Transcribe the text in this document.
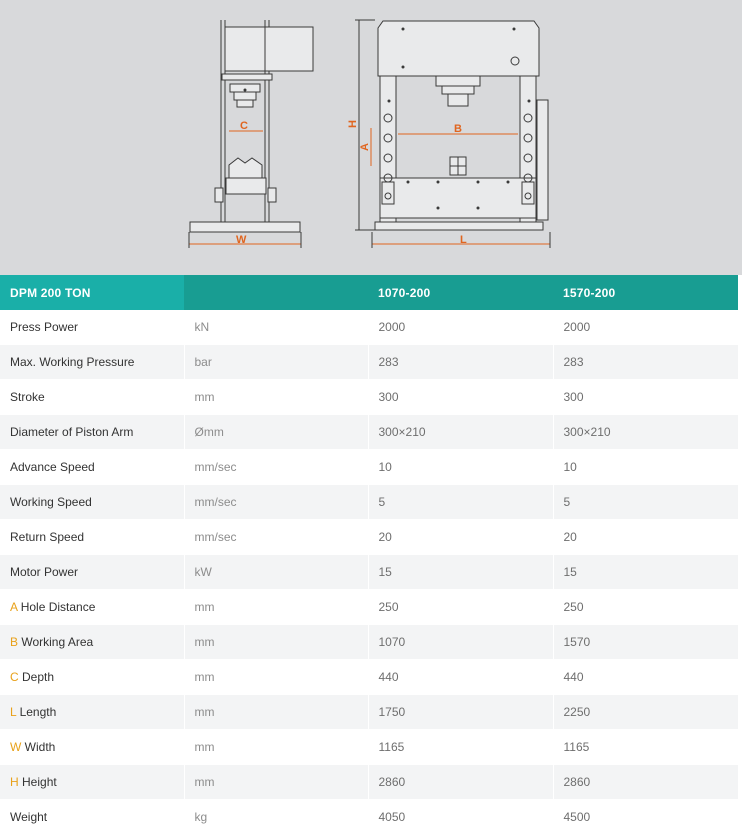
C
W
B
L
A
H
DPM 200 TON		1070-200	1570-200
Press Power	kN	2000	2000
Max. Working Pressure	bar	283	283
Stroke	mm	300	300
Diameter of Piston Arm	Ømm	300×210	300×210
Advance Speed	mm/sec	10	10
Working Speed	mm/sec	5	5
Return Speed	mm/sec	20	20
Motor Power	kW	15	15
A Hole Distance	mm	250	250
B Working Area	mm	1070	1570
C Depth	mm	440	440
L Length	mm	1750	2250
W Width	mm	1165	1165
H Height	mm	2860	2860
Weight	kg	4050	4500
